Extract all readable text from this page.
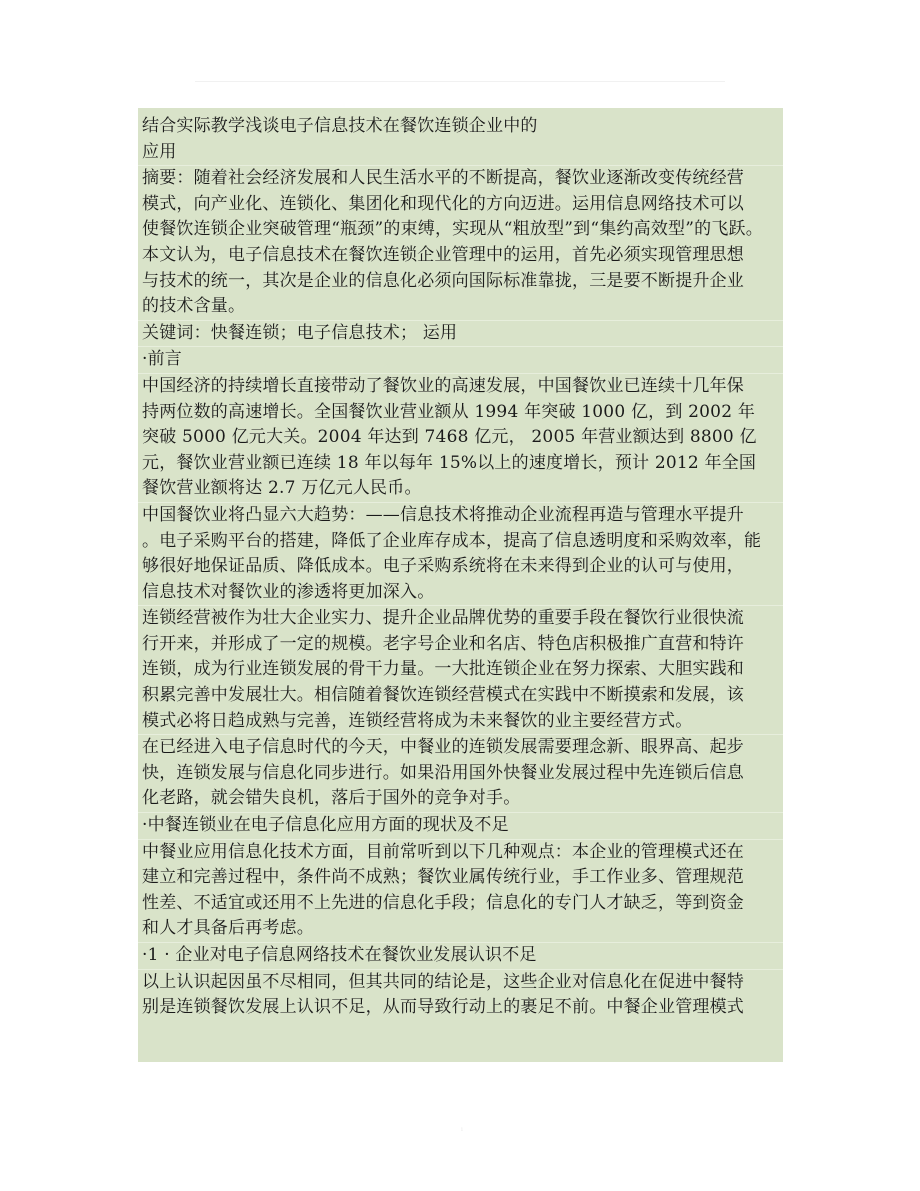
结合实际教学浅谈电子信息技术在餐饮连锁企业中的
应用
摘要：随着社会经济发展和人民生活水平的不断提高，餐饮业逐渐改变传统经营
模式，向产业化、连锁化、集团化和现代化的方向迈进。运用信息网络技术可以
使餐饮连锁企业突破管理“瓶颈”的束缚，实现从“粗放型”到“集约高效型”的飞跃。
本文认为，电子信息技术在餐饮连锁企业管理中的运用，首先必须实现管理思想
与技术的统一，其次是企业的信息化必须向国际标准靠拢，三是要不断提升企业
的技术含量。
关键词：快餐连锁；电子信息技术； 运用
·前言
中国经济的持续增长直接带动了餐饮业的高速发展，中国餐饮业已连续十几年保
持两位数的高速增长。全国餐饮业营业额从 1994 年突破 1000 亿，到 2002 年
突破 5000 亿元大关。2004 年达到 7468 亿元， 2005 年营业额达到 8800 亿
元，餐饮业营业额已连续 18 年以每年 15%以上的速度增长，预计 2012 年全国
餐饮营业额将达 2.7 万亿元人民币。
中国餐饮业将凸显六大趋势：——信息技术将推动企业流程再造与管理水平提升
。电子采购平台的搭建，降低了企业库存成本，提高了信息透明度和采购效率，能
够很好地保证品质、降低成本。电子采购系统将在未来得到企业的认可与使用，
信息技术对餐饮业的渗透将更加深入。
连锁经营被作为壮大企业实力、提升企业品牌优势的重要手段在餐饮行业很快流
行开来，并形成了一定的规模。老字号企业和名店、特色店积极推广直营和特许
连锁，成为行业连锁发展的骨干力量。一大批连锁企业在努力探索、大胆实践和
积累完善中发展壮大。相信随着餐饮连锁经营模式在实践中不断摸索和发展，该
模式必将日趋成熟与完善，连锁经营将成为未来餐饮的业主要经营方式。
在已经进入电子信息时代的今天，中餐业的连锁发展需要理念新、眼界高、起步
快，连锁发展与信息化同步进行。如果沿用国外快餐业发展过程中先连锁后信息
化老路，就会错失良机，落后于国外的竞争对手。
·中餐连锁业在电子信息化应用方面的现状及不足
中餐业应用信息化技术方面，目前常听到以下几种观点：本企业的管理模式还在
建立和完善过程中，条件尚不成熟；餐饮业属传统行业，手工作业多、管理规范
性差、不适宜或还用不上先进的信息化手段；信息化的专门人才缺乏，等到资金
和人才具备后再考虑。
·1 · 企业对电子信息网络技术在餐饮业发展认识不足
以上认识起因虽不尽相同，但其共同的结论是，这些企业对信息化在促进中餐特
别是连锁餐饮发展上认识不足，从而导致行动上的裹足不前。中餐企业管理模式
1
